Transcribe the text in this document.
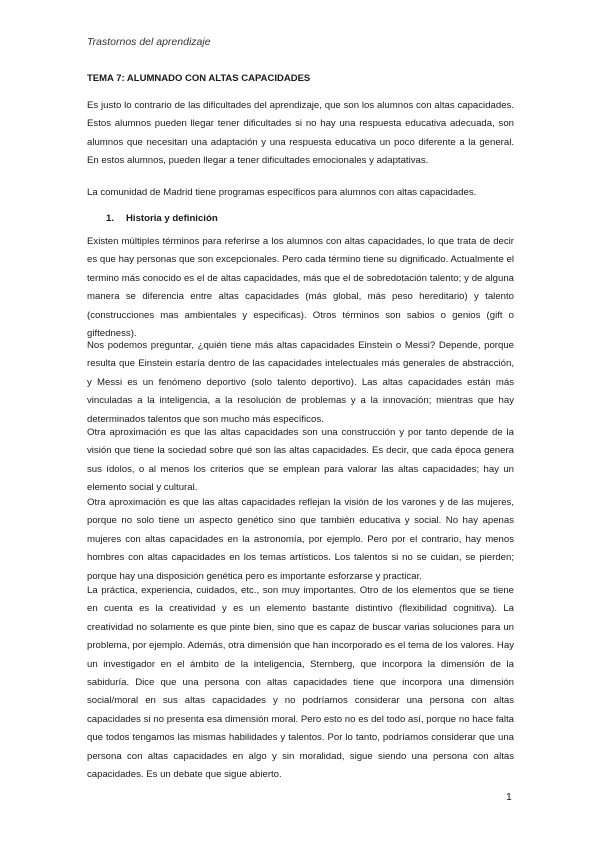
Trastornos del aprendizaje
TEMA 7: ALUMNADO CON ALTAS CAPACIDADES
Es justo lo contrario de las dificultades del aprendizaje, que son los alumnos con altas capacidades. Estos alumnos pueden llegar tener dificultades si no hay una respuesta educativa adecuada, son alumnos que necesitan una adaptación y una respuesta educativa un poco diferente a la general. En estos alumnos, pueden llegar a tener dificultades emocionales y adaptativas.
La comunidad de Madrid tiene programas específicos para alumnos con altas capacidades.
1. Historia y definición
Existen múltiples términos para referirse a los alumnos con altas capacidades, lo que trata de decir es que hay personas que son excepcionales. Pero cada término tiene su dignificado. Actualmente el termino más conocido es el de altas capacidades, más que el de sobredotación talento; y de alguna manera se diferencia entre altas capacidades (más global, más peso hereditario) y talento (construcciones mas ambientales y especificas). Otros términos son sabios o genios (gift o giftedness).
Nos podemos preguntar, ¿quién tiene más altas capacidades Einstein o Messi? Depende, porque resulta que Einstein estaría dentro de las capacidades intelectuales más generales de abstracción, y Messi es un fenómeno deportivo (solo talento deportivo). Las altas capacidades están más vinculadas a la inteligencia, a la resolución de problemas y a la innovación; mientras que hay determinados talentos que son mucho más específicos.
Otra aproximación es que las altas capacidades son una construcción y por tanto depende de la visión que tiene la sociedad sobre qué son las altas capacidades. Es decir, que cada época genera sus ídolos, o al menos los criterios que se emplean para valorar las altas capacidades; hay un elemento social y cultural.
Otra aproximación es que las altas capacidades reflejan la visión de los varones y de las mujeres, porque no solo tiene un aspecto genético sino que también educativa y social. No hay apenas mujeres con altas capacidades en la astronomía, por ejemplo. Pero por el contrario, hay menos hombres con altas capacidades en los temas artísticos. Los talentos si no se cuidan, se pierden; porque hay una disposición genética pero es importante esforzarse y practicar.
La práctica, experiencia, cuidados, etc., son muy importantes. Otro de los elementos que se tiene en cuenta es la creatividad y es un elemento bastante distintivo (flexibilidad cognitiva). La creatividad no solamente es que pinte bien, sino que es capaz de buscar varias soluciones para un problema, por ejemplo. Además, otra dimensión que han incorporado es el tema de los valores. Hay un investigador en el ámbito de la inteligencia, Sternberg, que incorpora la dimensión de la sabiduría. Dice que una persona con altas capacidades tiene que incorpora una dimensión social/moral en sus altas capacidades y no podríamos considerar una persona con altas capacidades si no presenta esa dimensión moral. Pero esto no es del todo así, porque no hace falta que todos tengamos las mismas habilidades y talentos. Por lo tanto, podríamos considerar que una persona con altas capacidades en algo y sin moralidad, sigue siendo una persona con altas capacidades. Es un debate que sigue abierto.
1
